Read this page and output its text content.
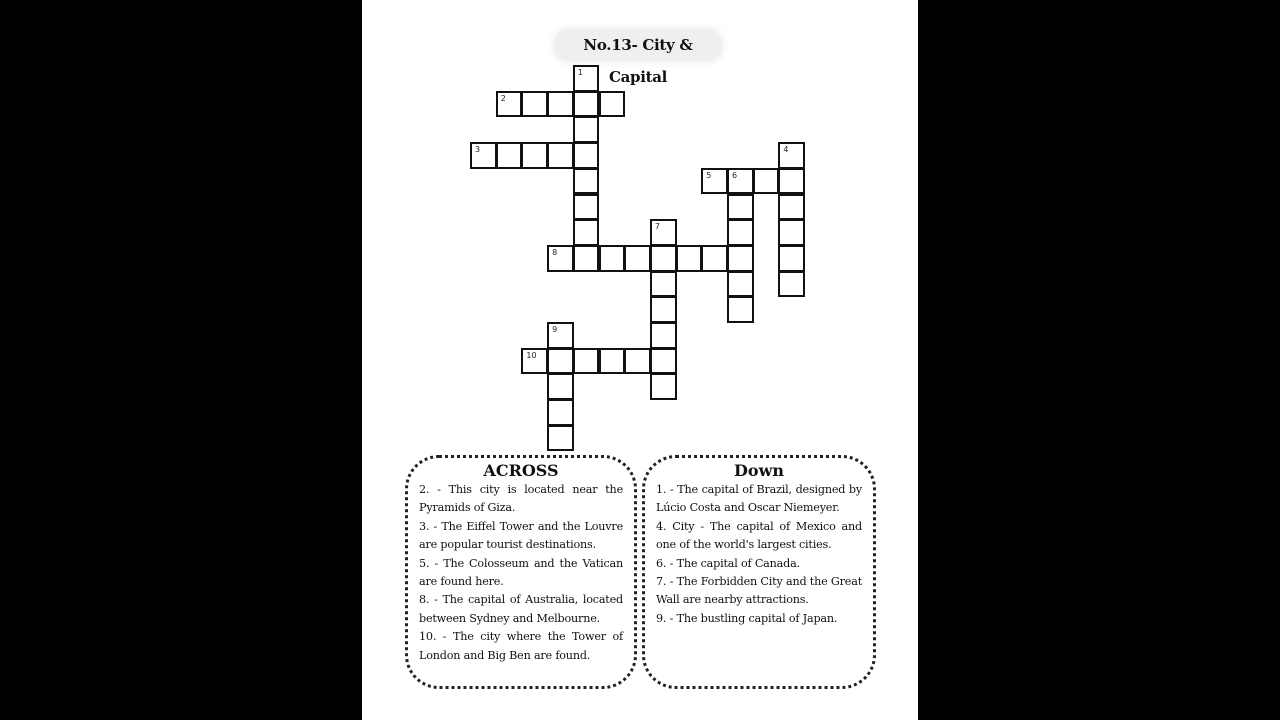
No.13- City & Capital
1
2
3	4
5	6
7
8
9
10
ACROSS
2. - This city is located near the Pyramids of Giza.
3. - The Eiffel Tower and the Louvre are popular tourist destinations.
5. - The Colosseum and the Vatican are found here.
8. - The capital of Australia, located between Sydney and Melbourne.
10. - The city where the Tower of London and Big Ben are found.
Down
1. - The capital of Brazil, designed by Lúcio Costa and Oscar Niemeyer.
4. City - The capital of Mexico and one of the world's largest cities.
6. - The capital of Canada.
7. - The Forbidden City and the Great Wall are nearby attractions.
9. - The bustling capital of Japan.
